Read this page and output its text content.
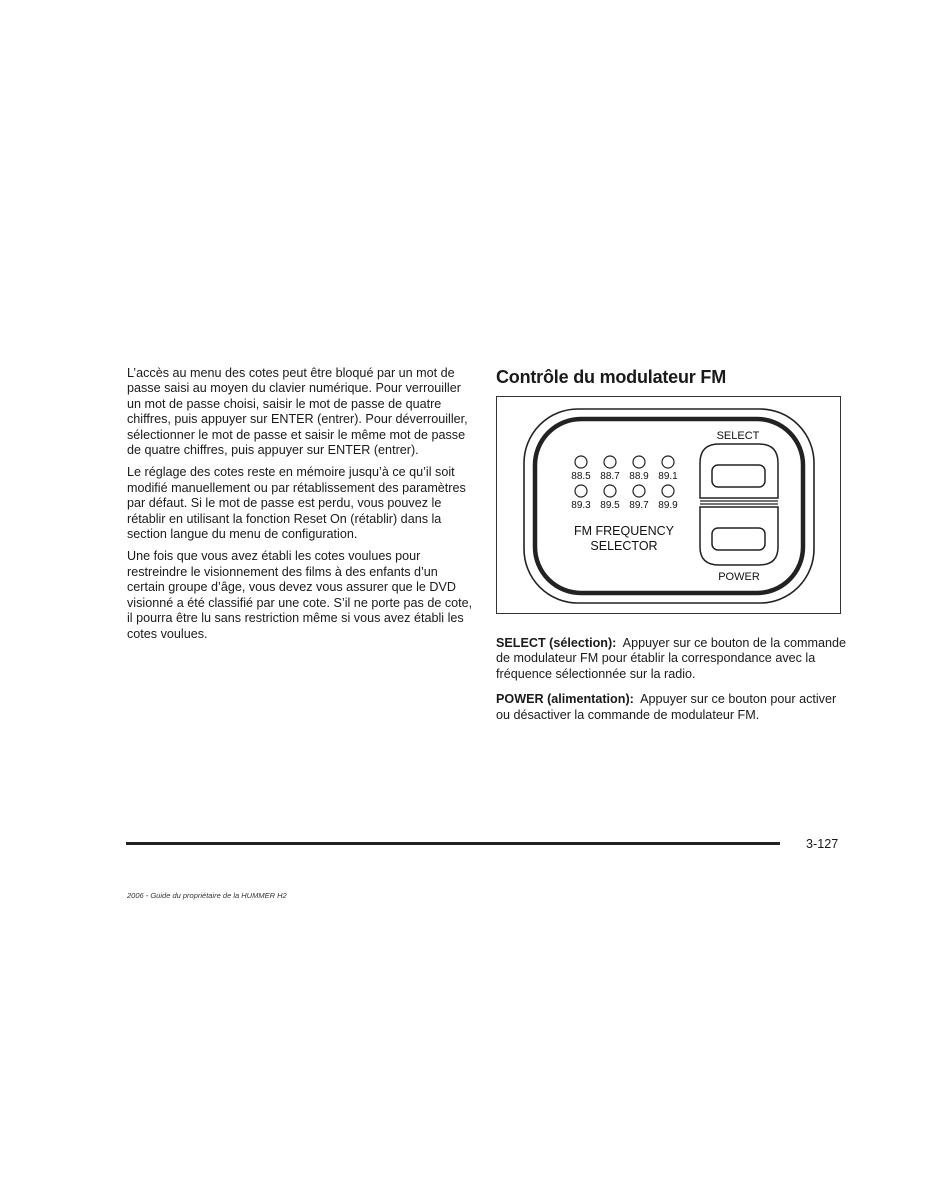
L’accès au menu des cotes peut être bloqué par un mot de passe saisi au moyen du clavier numérique. Pour verrouiller un mot de passe choisi, saisir le mot de passe de quatre chiffres, puis appuyer sur ENTER (entrer). Pour déverrouiller, sélectionner le mot de passe et saisir le même mot de passe de quatre chiffres, puis appuyer sur ENTER (entrer).

Le réglage des cotes reste en mémoire jusqu’à ce qu’il soit modifié manuellement ou par rétablissement des paramètres par défaut. Si le mot de passe est perdu, vous pouvez le rétablir en utilisant la fonction Reset On (rétablir) dans la section langue du menu de configuration.

Une fois que vous avez établi les cotes voulues pour restreindre le visionnement des films à des enfants d’un certain groupe d’âge, vous devez vous assurer que le DVD visionné a été classifié par une cote. S’il ne porte pas de cote, il pourra être lu sans restriction même si vous avez établi les cotes voulues.

Contrôle du modulateur FM
88.5 88.7 88.9 89.1
89.3 89.5 89.7 89.9
FM FREQUENCY
SELECTOR
SELECT
POWER

SELECT (sélection): Appuyer sur ce bouton de la commande de modulateur FM pour établir la correspondance avec la fréquence sélectionnée sur la radio.

POWER (alimentation): Appuyer sur ce bouton pour activer ou désactiver la commande de modulateur FM.

3-127
2006 - Guide du propriétaire de la HUMMER H2
